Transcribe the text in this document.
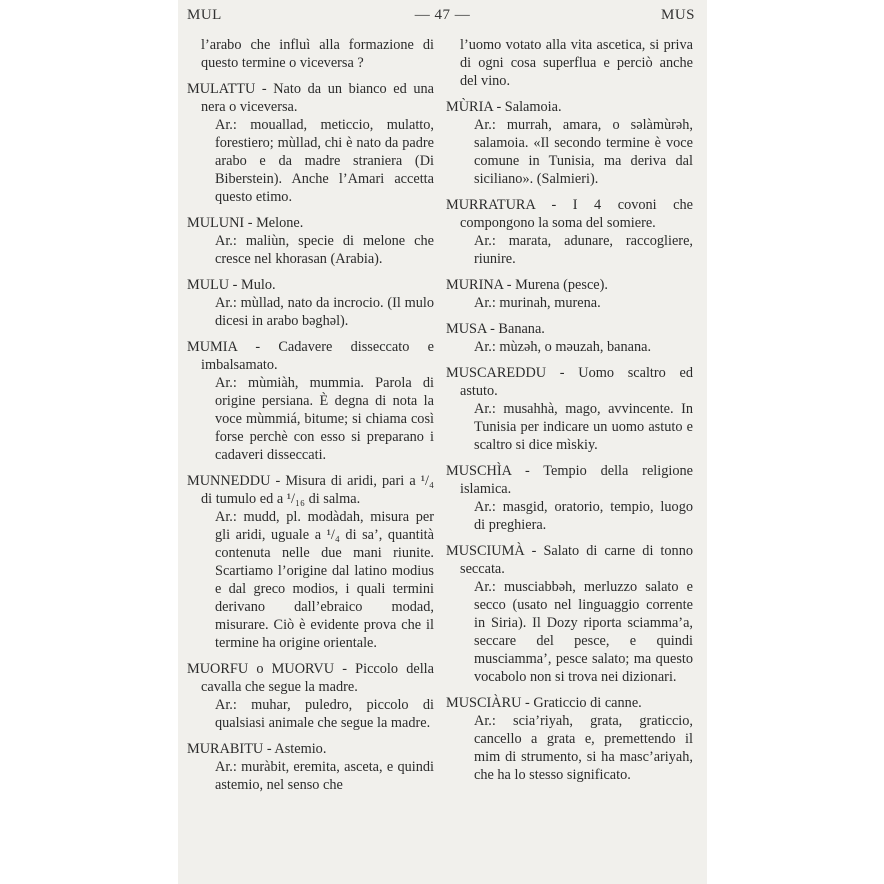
MUL	— 47 —	MUS

l’arabo che influì alla formazione di questo termine o viceversa ?

MULATTU - Nato da un bianco ed una nera o viceversa.

Ar.: mouallad, meticcio, mulatto, forestiero; mùllad, chi è nato da padre arabo e da madre straniera (Di Biberstein). Anche l’Amari accetta questo etimo.

MULUNI - Melone.

Ar.: maliùn, specie di melone che cresce nel khorasan (Arabia).

MULU - Mulo.

Ar.: mùllad, nato da incrocio. (Il mulo dicesi in arabo bəghəl).

MUMIA - Cadavere disseccato e imbalsamato.

Ar.: mùmiàh, mummia. Parola di origine persiana. È degna di nota la voce mùmmiá, bitume; si chiama così forse perchè con esso si preparano i cadaveri disseccati.

MUNNEDDU - Misura di aridi, pari a ¹/₄ di tumulo ed a ¹/₁₆ di salma.

Ar.: mudd, pl. modàdah, misura per gli aridi, uguale a ¹/₄ di sa’, quantità contenuta nelle due mani riunite. Scartiamo l’origine dal latino modius e dal greco modios, i quali termini derivano dall’ebraico modad, misurare. Ciò è evidente prova che il termine ha origine orientale.

MUORFU o MUORVU - Piccolo della cavalla che segue la madre.

Ar.: muhar, puledro, piccolo di qualsiasi animale che segue la madre.

MURABITU - Astemio.

Ar.: muràbit, eremita, asceta, e quindi astemio, nel senso che

l’uomo votato alla vita ascetica, si priva di ogni cosa superflua e perciò anche del vino.

MÙRIA - Salamoia.

Ar.: murrah, amara, o səlàmùrəh, salamoia. «Il secondo termine è voce comune in Tunisia, ma deriva dal siciliano». (Salmieri).

MURRATURA - I 4 covoni che compongono la soma del somiere.

Ar.: marata, adunare, raccogliere, riunire.

MURINA - Murena (pesce).

Ar.: murinah, murena.

MUSA - Banana.

Ar.: mùzəh, o məuzah, banana.

MUSCAREDDU - Uomo scaltro ed astuto.

Ar.: musahhà, mago, avvincente. In Tunisia per indicare un uomo astuto e scaltro si dice mìskiy.

MUSCHÌA - Tempio della religione islamica.

Ar.: masgid, oratorio, tempio, luogo di preghiera.

MUSCIUMÀ - Salato di carne di tonno seccata.

Ar.: musciabbəh, merluzzo salato e secco (usato nel linguaggio corrente in Siria). Il Dozy riporta sciamma’a, seccare del pesce, e quindi musciamma’, pesce salato; ma questo vocabolo non si trova nei dizionari.

MUSCIÀRU - Graticcio di canne.

Ar.: scia’riyah, grata, graticcio, cancello a grata e, premettendo il mim di strumento, si ha masc’ariyah, che ha lo stesso significato.
